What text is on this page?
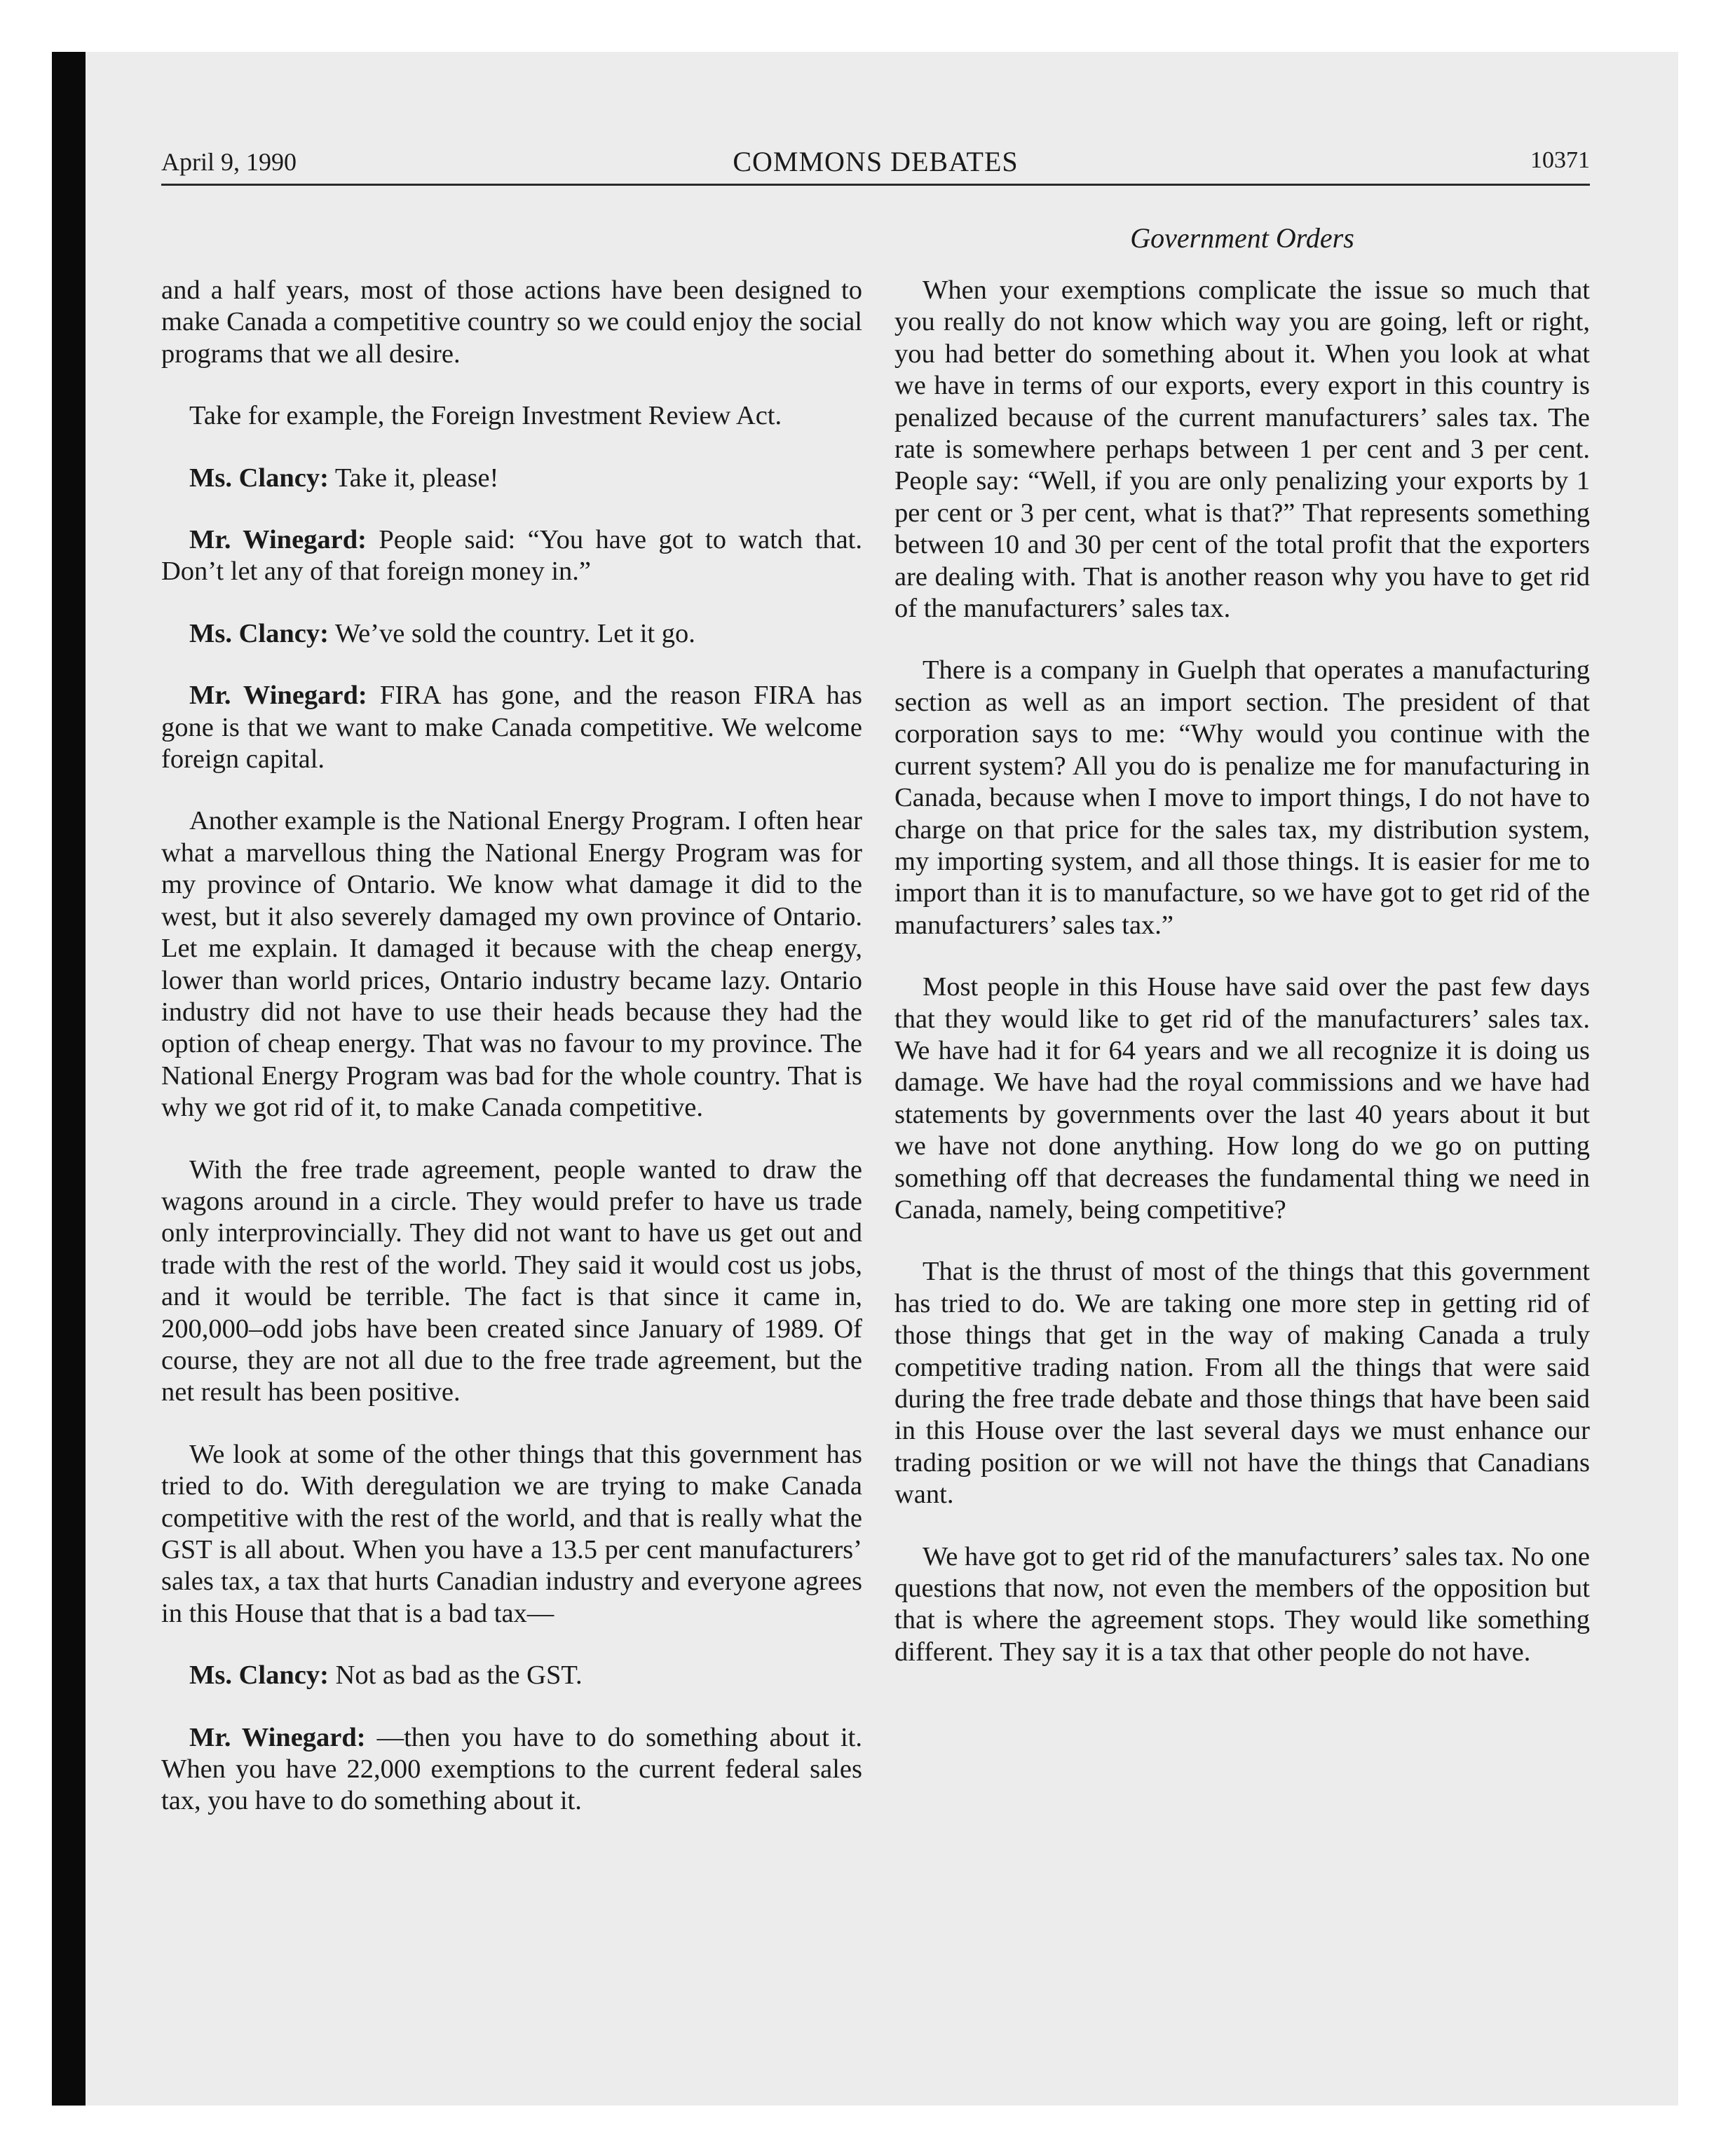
April 9, 1990	COMMONS DEBATES	10371
Government Orders

and a half years, most of those actions have been designed to make Canada a competitive country so we could enjoy the social programs that we all desire.

Take for example, the Foreign Investment Review Act.

Ms. Clancy: Take it, please!

Mr. Winegard: People said: “You have got to watch that. Don’t let any of that foreign money in.”

Ms. Clancy: We’ve sold the country. Let it go.

Mr. Winegard: FIRA has gone, and the reason FIRA has gone is that we want to make Canada competitive. We welcome foreign capital.

Another example is the National Energy Program. I often hear what a marvellous thing the National Energy Program was for my province of Ontario. We know what damage it did to the west, but it also severely damaged my own province of Ontario. Let me explain. It damaged it because with the cheap energy, lower than world prices, Ontario industry became lazy. Ontario industry did not have to use their heads because they had the option of cheap energy. That was no favour to my province. The National Energy Program was bad for the whole country. That is why we got rid of it, to make Canada competitive.

With the free trade agreement, people wanted to draw the wagons around in a circle. They would prefer to have us trade only interprovincially. They did not want to have us get out and trade with the rest of the world. They said it would cost us jobs, and it would be terrible. The fact is that since it came in, 200,000–odd jobs have been created since January of 1989. Of course, they are not all due to the free trade agreement, but the net result has been positive.

We look at some of the other things that this government has tried to do. With deregulation we are trying to make Canada competitive with the rest of the world, and that is really what the GST is all about. When you have a 13.5 per cent manufacturers’ sales tax, a tax that hurts Canadian industry and everyone agrees in this House that that is a bad tax—

Ms. Clancy: Not as bad as the GST.

Mr. Winegard: —then you have to do something about it. When you have 22,000 exemptions to the current federal sales tax, you have to do something about it.

When your exemptions complicate the issue so much that you really do not know which way you are going, left or right, you had better do something about it. When you look at what we have in terms of our exports, every export in this country is penalized because of the current manufacturers’ sales tax. The rate is somewhere perhaps between 1 per cent and 3 per cent. People say: “Well, if you are only penalizing your exports by 1 per cent or 3 per cent, what is that?” That represents something between 10 and 30 per cent of the total profit that the exporters are dealing with. That is another reason why you have to get rid of the manufacturers’ sales tax.

There is a company in Guelph that operates a manufacturing section as well as an import section. The president of that corporation says to me: “Why would you continue with the current system? All you do is penalize me for manufacturing in Canada, because when I move to import things, I do not have to charge on that price for the sales tax, my distribution system, my importing system, and all those things. It is easier for me to import than it is to manufacture, so we have got to get rid of the manufacturers’ sales tax.”

Most people in this House have said over the past few days that they would like to get rid of the manufacturers’ sales tax. We have had it for 64 years and we all recognize it is doing us damage. We have had the royal commissions and we have had statements by governments over the last 40 years about it but we have not done anything. How long do we go on putting something off that decreases the fundamental thing we need in Canada, namely, being competitive?

That is the thrust of most of the things that this government has tried to do. We are taking one more step in getting rid of those things that get in the way of making Canada a truly competitive trading nation. From all the things that were said during the free trade debate and those things that have been said in this House over the last several days we must enhance our trading position or we will not have the things that Canadians want.

We have got to get rid of the manufacturers’ sales tax. No one questions that now, not even the members of the opposition but that is where the agreement stops. They would like something different. They say it is a tax that other people do not have.
